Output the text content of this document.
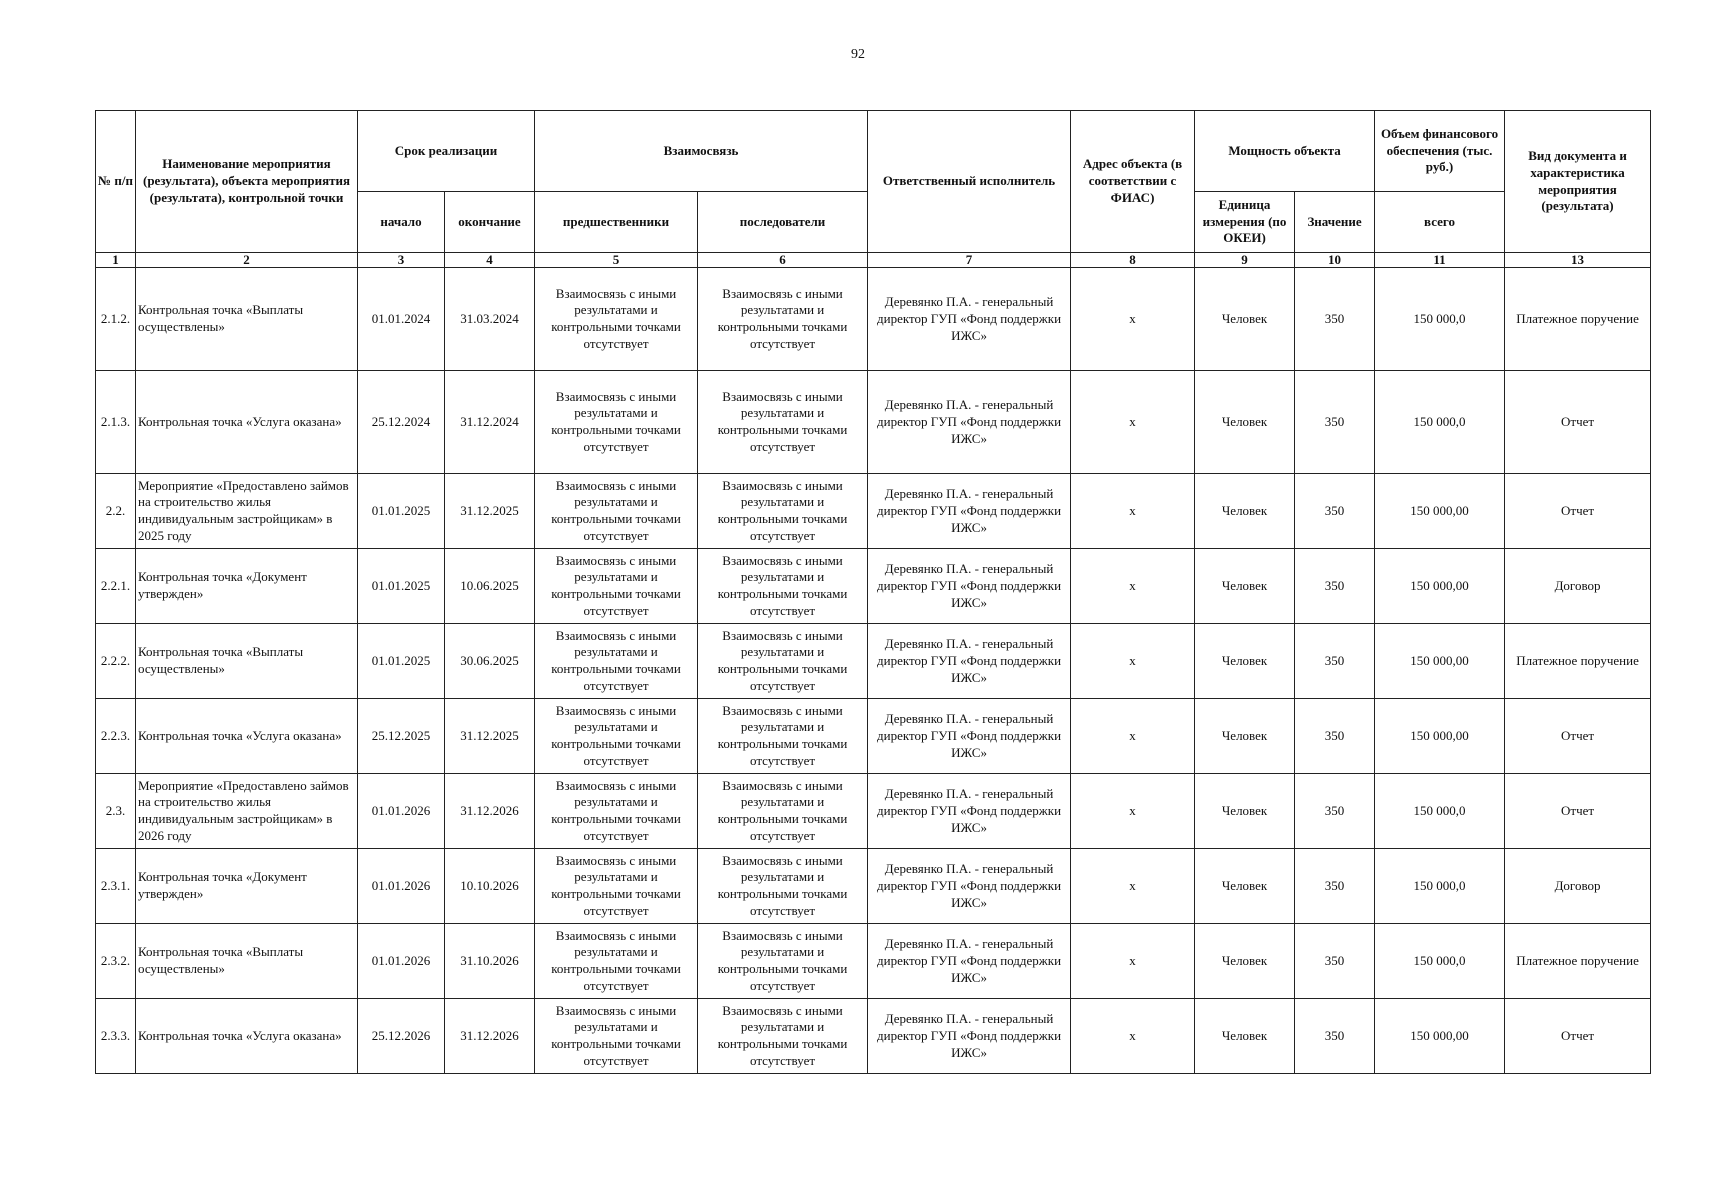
92
№ п/п	Наименование мероприятия (результата), объекта мероприятия (результата), контрольной точки	Срок реализации		Взаимосвязь		Ответственный исполнитель	Адрес объекта (в соответствии с ФИАС)	Мощность объекта		Объем финансового обеспечения (тыс. руб.)	Вид документа и характеристика мероприятия (результата)
		начало	окончание	предшественники	последователи			Единица измерения (по ОКЕИ)	Значение	всего	
1	2	3	4	5	6	7	8	9	10	11	13
2.1.2.	Контрольная точка «Выплаты осуществлены»	01.01.2024	31.03.2024	Взаимосвязь с иными результатами и контрольными точками отсутствует	Взаимосвязь с иными результатами и контрольными точками отсутствует	Деревянко П.А. - генеральный директор ГУП «Фонд поддержки ИЖС»	x	Человек	350	150 000,0	Платежное поручение
2.1.3.	Контрольная точка «Услуга оказана»	25.12.2024	31.12.2024	Взаимосвязь с иными результатами и контрольными точками отсутствует	Взаимосвязь с иными результатами и контрольными точками отсутствует	Деревянко П.А. - генеральный директор ГУП «Фонд поддержки ИЖС»	x	Человек	350	150 000,0	Отчет
2.2.	Мероприятие «Предоставлено займов на строительство жилья индивидуальным застройщикам» в 2025 году	01.01.2025	31.12.2025	Взаимосвязь с иными результатами и контрольными точками отсутствует	Взаимосвязь с иными результатами и контрольными точками отсутствует	Деревянко П.А. - генеральный директор ГУП «Фонд поддержки ИЖС»	x	Человек	350	150 000,00	Отчет
2.2.1.	Контрольная точка «Документ утвержден»	01.01.2025	10.06.2025	Взаимосвязь с иными результатами и контрольными точками отсутствует	Взаимосвязь с иными результатами и контрольными точками отсутствует	Деревянко П.А. - генеральный директор ГУП «Фонд поддержки ИЖС»	x	Человек	350	150 000,00	Договор
2.2.2.	Контрольная точка «Выплаты осуществлены»	01.01.2025	30.06.2025	Взаимосвязь с иными результатами и контрольными точками отсутствует	Взаимосвязь с иными результатами и контрольными точками отсутствует	Деревянко П.А. - генеральный директор ГУП «Фонд поддержки ИЖС»	x	Человек	350	150 000,00	Платежное поручение
2.2.3.	Контрольная точка «Услуга оказана»	25.12.2025	31.12.2025	Взаимосвязь с иными результатами и контрольными точками отсутствует	Взаимосвязь с иными результатами и контрольными точками отсутствует	Деревянко П.А. - генеральный директор ГУП «Фонд поддержки ИЖС»	x	Человек	350	150 000,00	Отчет
2.3.	Мероприятие «Предоставлено займов на строительство жилья индивидуальным застройщикам» в 2026 году	01.01.2026	31.12.2026	Взаимосвязь с иными результатами и контрольными точками отсутствует	Взаимосвязь с иными результатами и контрольными точками отсутствует	Деревянко П.А. - генеральный директор ГУП «Фонд поддержки ИЖС»	x	Человек	350	150 000,0	Отчет
2.3.1.	Контрольная точка «Документ утвержден»	01.01.2026	10.10.2026	Взаимосвязь с иными результатами и контрольными точками отсутствует	Взаимосвязь с иными результатами и контрольными точками отсутствует	Деревянко П.А. - генеральный директор ГУП «Фонд поддержки ИЖС»	x	Человек	350	150 000,0	Договор
2.3.2.	Контрольная точка «Выплаты осуществлены»	01.01.2026	31.10.2026	Взаимосвязь с иными результатами и контрольными точками отсутствует	Взаимосвязь с иными результатами и контрольными точками отсутствует	Деревянко П.А. - генеральный директор ГУП «Фонд поддержки ИЖС»	x	Человек	350	150 000,0	Платежное поручение
2.3.3.	Контрольная точка «Услуга оказана»	25.12.2026	31.12.2026	Взаимосвязь с иными результатами и контрольными точками отсутствует	Взаимосвязь с иными результатами и контрольными точками отсутствует	Деревянко П.А. - генеральный директор ГУП «Фонд поддержки ИЖС»	x	Человек	350	150 000,00	Отчет
